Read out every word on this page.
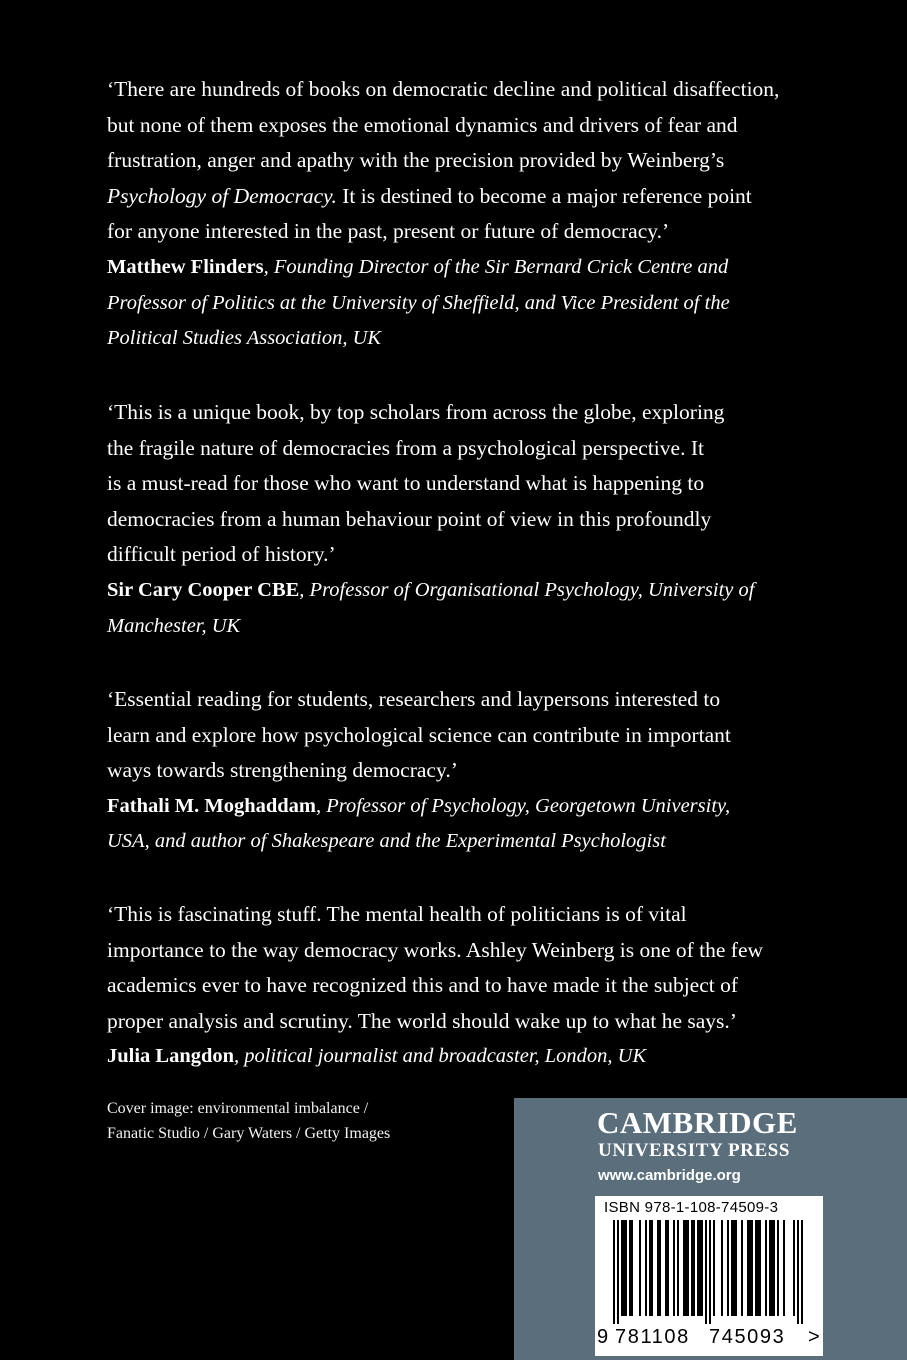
‘There are hundreds of books on democratic decline and political disaffection,
but none of them exposes the emotional dynamics and drivers of fear and
frustration, anger and apathy with the precision provided by Weinberg’s
Psychology of Democracy. It is destined to become a major reference point
for anyone interested in the past, present or future of democracy.’
Matthew Flinders, Founding Director of the Sir Bernard Crick Centre and
Professor of Politics at the University of Sheffield, and Vice President of the
Political Studies Association, UK
‘This is a unique book, by top scholars from across the globe, exploring
the fragile nature of democracies from a psychological perspective. It
is a must-read for those who want to understand what is happening to
democracies from a human behaviour point of view in this profoundly
difficult period of history.’
Sir Cary Cooper CBE, Professor of Organisational Psychology, University of
Manchester, UK
‘Essential reading for students, researchers and laypersons interested to
learn and explore how psychological science can contribute in important
ways towards strengthening democracy.’
Fathali M. Moghaddam, Professor of Psychology, Georgetown University,
USA, and author of Shakespeare and the Experimental Psychologist
‘This is fascinating stuff. The mental health of politicians is of vital
importance to the way democracy works. Ashley Weinberg is one of the few
academics ever to have recognized this and to have made it the subject of
proper analysis and scrutiny. The world should wake up to what he says.’
Julia Langdon, political journalist and broadcaster, London, UK
Cover image: environmental imbalance /
Fanatic Studio / Gary Waters / Getty Images	CAMBRIDGE
UNIVERSITY PRESS
www.cambridge.org
ISBN 978-1-108-74509-3
9 781108 745093 >
